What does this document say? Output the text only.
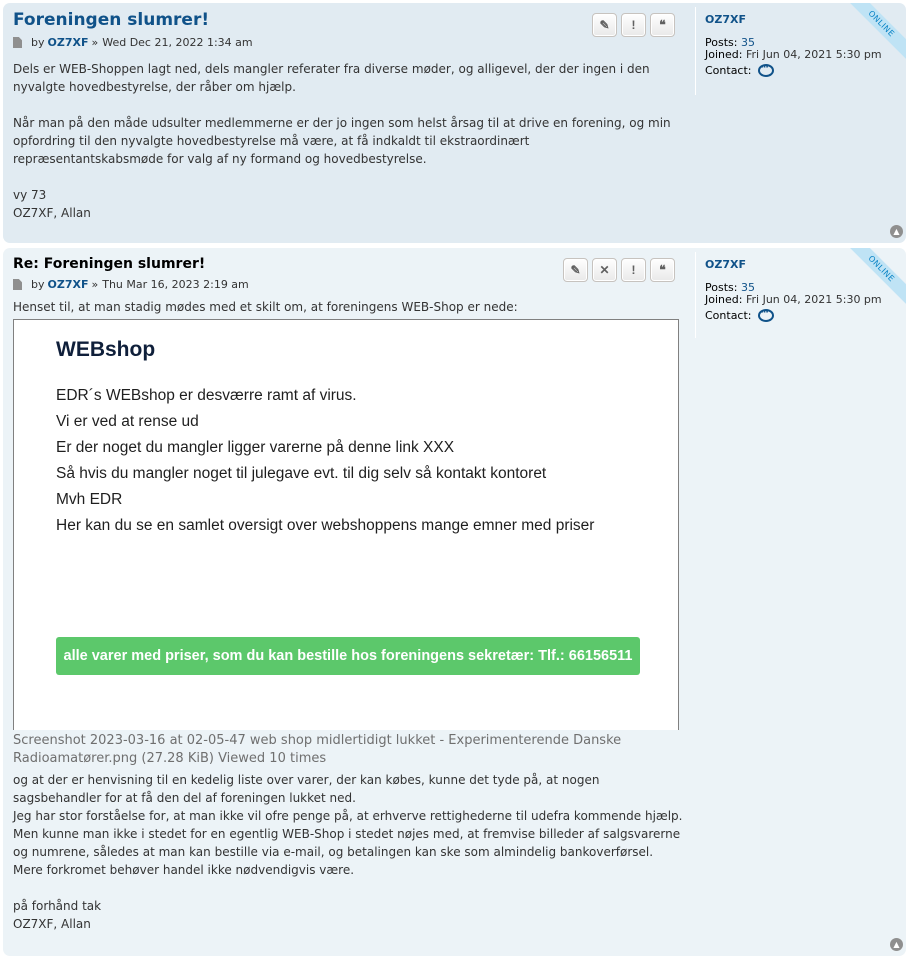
Foreningen slumrer!
by OZ7XF » Wed Dec 21, 2022 1:34 am
Dels er WEB-Shoppen lagt ned, dels mangler referater fra diverse møder, og alligevel, der der ingen i den nyvalgte hovedbestyrelse, der råber om hjælp.
Når man på den måde udsulter medlemmerne er der jo ingen som helst årsag til at drive en forening, og min opfordring til den nyvalgte hovedbestyrelse må være, at få indkaldt til ekstraordinært repræsentantskabsmøde for valg af ny formand og hovedbestyrelse.
vy 73
OZ7XF, Allan
✎ ! ❝	OZ7XF
Posts: 35
Joined: Fri Jun 04, 2021 5:30 pm
Contact:
···
ONLINE
▲
Re: Foreningen slumrer!
by OZ7XF » Thu Mar 16, 2023 2:19 am
Henset til, at man stadig mødes med et skilt om, at foreningens WEB-Shop er nede:
WEBshop
EDR´s WEBshop er desværre ramt af virus.
Vi er ved at rense ud
Er der noget du mangler ligger varerne på denne link XXX
Så hvis du mangler noget til julegave evt. til dig selv så kontakt kontoret
Mvh EDR
Her kan du se en samlet oversigt over webshoppens mange emner med priser
alle varer med priser, som du kan bestille hos foreningens sekretær: Tlf.: 66156511
Screenshot 2023-03-16 at 02-05-47 web shop midlertidigt lukket - Experimenterende Danske Radioamatører.png (27.28 KiB) Viewed 10 times
og at der er henvisning til en kedelig liste over varer, der kan købes, kunne det tyde på, at nogen sagsbehandler for at få den del af foreningen lukket ned.
Jeg har stor forståelse for, at man ikke vil ofre penge på, at erhverve rettighederne til udefra kommende hjælp. Men kunne man ikke i stedet for en egentlig WEB-Shop i stedet nøjes med, at fremvise billeder af salgsvarerne og numrene, således at man kan bestille via e-mail, og betalingen kan ske som almindelig bankoverførsel. Mere forkromet behøver handel ikke nødvendigvis være.
på forhånd tak
OZ7XF, Allan
✎ ✕ ! ❝	OZ7XF
Posts: 35
Joined: Fri Jun 04, 2021 5:30 pm
Contact:
···
ONLINE
▲
